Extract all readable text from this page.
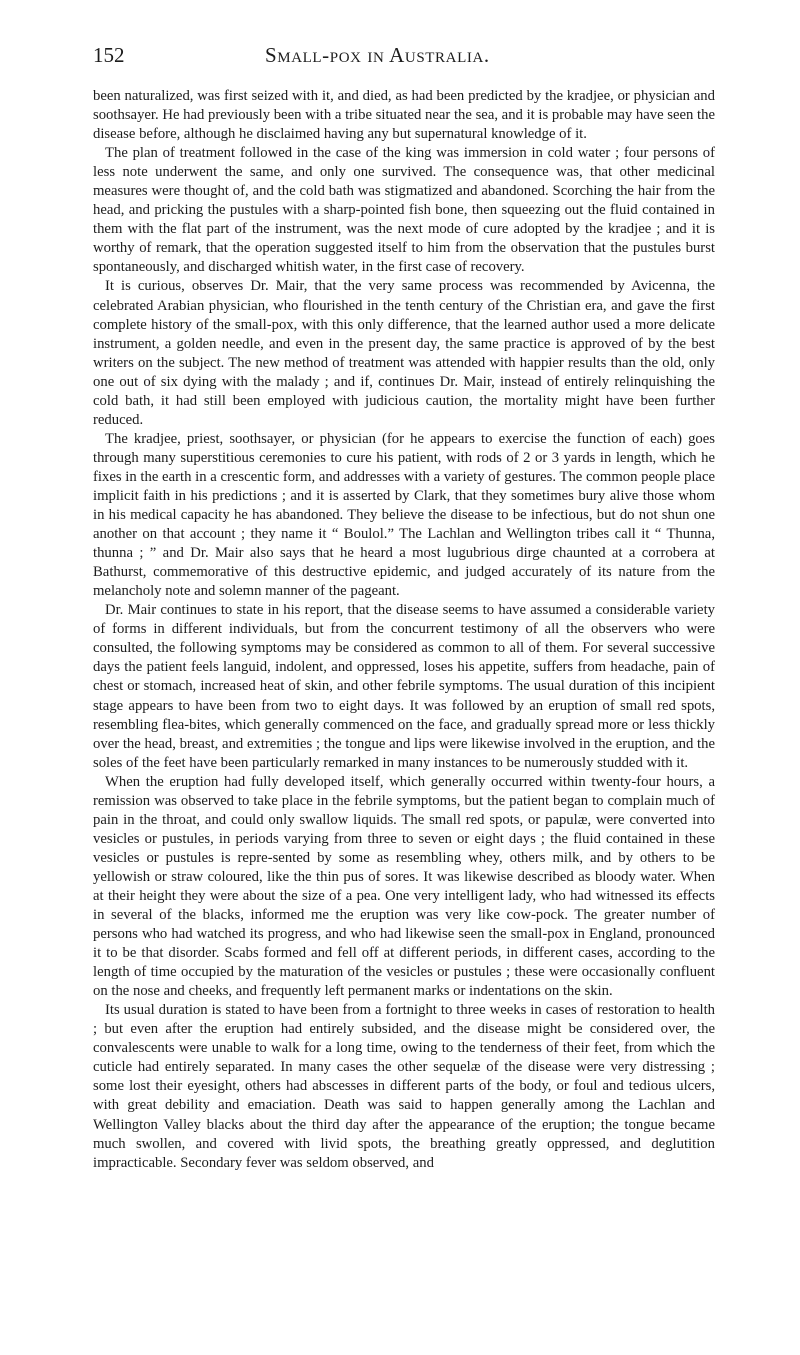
152	Small-pox in Australia.

been naturalized, was first seized with it, and died, as had been predicted by the kradjee, or physician and soothsayer. He had previously been with a tribe situated near the sea, and it is probable may have seen the disease before, although he disclaimed having any but supernatural knowledge of it.

The plan of treatment followed in the case of the king was immersion in cold water ; four persons of less note underwent the same, and only one survived. The consequence was, that other medicinal measures were thought of, and the cold bath was stigmatized and abandoned. Scorching the hair from the head, and pricking the pustules with a sharp-pointed fish bone, then squeezing out the fluid contained in them with the flat part of the instrument, was the next mode of cure adopted by the kradjee ; and it is worthy of remark, that the operation suggested itself to him from the observation that the pustules burst spontaneously, and discharged whitish water, in the first case of recovery.

It is curious, observes Dr. Mair, that the very same process was recommended by Avicenna, the celebrated Arabian physician, who flourished in the tenth century of the Christian era, and gave the first complete history of the small-pox, with this only difference, that the learned author used a more delicate instrument, a golden needle, and even in the present day, the same practice is approved of by the best writers on the subject. The new method of treatment was attended with happier results than the old, only one out of six dying with the malady ; and if, continues Dr. Mair, instead of entirely relinquishing the cold bath, it had still been employed with judicious caution, the mortality might have been further reduced.

The kradjee, priest, soothsayer, or physician (for he appears to exercise the function of each) goes through many superstitious ceremonies to cure his patient, with rods of 2 or 3 yards in length, which he fixes in the earth in a crescentic form, and addresses with a variety of gestures. The common people place implicit faith in his predictions ; and it is asserted by Clark, that they sometimes bury alive those whom in his medical capacity he has abandoned. They believe the disease to be infectious, but do not shun one another on that account ; they name it “ Boulol.” The Lachlan and Wellington tribes call it “ Thunna, thunna ; ” and Dr. Mair also says that he heard a most lugubrious dirge chaunted at a corrobera at Bathurst, commemorative of this destructive epidemic, and judged accurately of its nature from the melancholy note and solemn manner of the pageant.

Dr. Mair continues to state in his report, that the disease seems to have assumed a considerable variety of forms in different individuals, but from the concurrent testimony of all the observers who were consulted, the following symptoms may be considered as common to all of them. For several successive days the patient feels languid, indolent, and oppressed, loses his appetite, suffers from headache, pain of chest or stomach, increased heat of skin, and other febrile symptoms. The usual duration of this incipient stage appears to have been from two to eight days. It was followed by an eruption of small red spots, resembling flea-bites, which generally commenced on the face, and gradually spread more or less thickly over the head, breast, and extremities ; the tongue and lips were likewise involved in the eruption, and the soles of the feet have been particularly remarked in many instances to be numerously studded with it.

When the eruption had fully developed itself, which generally occurred within twenty-four hours, a remission was observed to take place in the febrile symptoms, but the patient began to complain much of pain in the throat, and could only swallow liquids. The small red spots, or papulæ, were converted into vesicles or pustules, in periods varying from three to seven or eight days ; the fluid contained in these vesicles or pustules is repre-sented by some as resembling whey, others milk, and by others to be yellowish or straw coloured, like the thin pus of sores. It was likewise described as bloody water. When at their height they were about the size of a pea. One very intelligent lady, who had witnessed its effects in several of the blacks, informed me the eruption was very like cow-pock. The greater number of persons who had watched its progress, and who had likewise seen the small-pox in England, pronounced it to be that disorder. Scabs formed and fell off at different periods, in different cases, according to the length of time occupied by the maturation of the vesicles or pustules ; these were occasionally confluent on the nose and cheeks, and frequently left permanent marks or indentations on the skin.

Its usual duration is stated to have been from a fortnight to three weeks in cases of restoration to health ; but even after the eruption had entirely subsided, and the disease might be considered over, the convalescents were unable to walk for a long time, owing to the tenderness of their feet, from which the cuticle had entirely separated. In many cases the other sequelæ of the disease were very distressing ; some lost their eyesight, others had abscesses in different parts of the body, or foul and tedious ulcers, with great debility and emaciation. Death was said to happen generally among the Lachlan and Wellington Valley blacks about the third day after the appearance of the eruption; the tongue became much swollen, and covered with livid spots, the breathing greatly oppressed, and deglutition impracticable. Secondary fever was seldom observed, and
